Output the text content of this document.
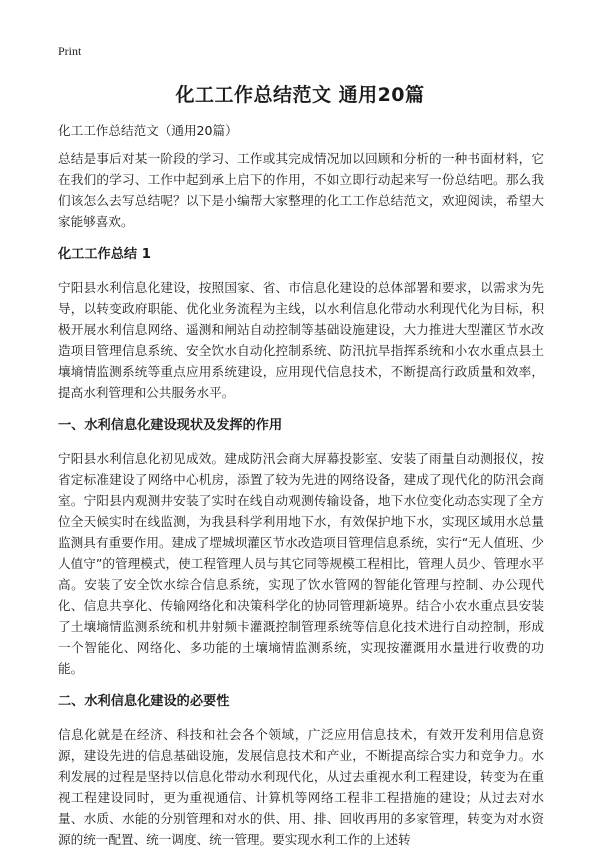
Print
化工工作总结范文 通用20篇

化工工作总结范文（通用20篇）

总结是事后对某一阶段的学习、工作或其完成情况加以回顾和分析的一种书面材料，它在我们的学习、工作中起到承上启下的作用，不如立即行动起来写一份总结吧。那么我们该怎么去写总结呢？以下是小编帮大家整理的化工工作总结范文，欢迎阅读，希望大家能够喜欢。

化工工作总结 1

宁阳县水利信息化建设，按照国家、省、市信息化建设的总体部署和要求，以需求为先导，以转变政府职能、优化业务流程为主线，以水利信息化带动水利现代化为目标，积极开展水利信息网络、遥测和闸站自动控制等基础设施建设，大力推进大型灌区节水改造项目管理信息系统、安全饮水自动化控制系统、防汛抗旱指挥系统和小农水重点县土壤墒情监测系统等重点应用系统建设，应用现代信息技术，不断提高行政质量和效率，提高水利管理和公共服务水平。

一、水利信息化建设现状及发挥的作用

宁阳县水利信息化初见成效。建成防汛会商大屏幕投影室、安装了雨量自动测报仪，按省定标准建设了网络中心机房，添置了较为先进的网络设备，建成了现代化的防汛会商室。宁阳县内观测井安装了实时在线自动观测传输设备，地下水位变化动态实现了全方位全天候实时在线监测，为我县科学利用地下水，有效保护地下水，实现区域用水总量监测具有重要作用。建成了堽城坝灌区节水改造项目管理信息系统，实行“无人值班、少人值守”的管理模式，使工程管理人员与其它同等规模工程相比，管理人员少、管理水平高。安装了安全饮水综合信息系统，实现了饮水管网的智能化管理与控制、办公现代化、信息共享化、传输网络化和决策科学化的协同管理新境界。结合小农水重点县安装了土壤墒情监测系统和机井射频卡灌溉控制管理系统等信息化技术进行自动控制，形成一个智能化、网络化、多功能的土壤墒情监测系统，实现按灌溉用水量进行收费的功能。

二、水利信息化建设的必要性

信息化就是在经济、科技和社会各个领域，广泛应用信息技术，有效开发利用信息资源，建设先进的信息基础设施，发展信息技术和产业，不断提高综合实力和竞争力。水利发展的过程是坚持以信息化带动水利现代化，从过去重视水利工程建设，转变为在重视工程建设同时，更为重视通信、计算机等网络工程非工程措施的建设；从过去对水量、水质、水能的分别管理和对水的供、用、排、回收再用的多家管理，转变为对水资源的统一配置、统一调度、统一管理。要实现水利工作的上述转
